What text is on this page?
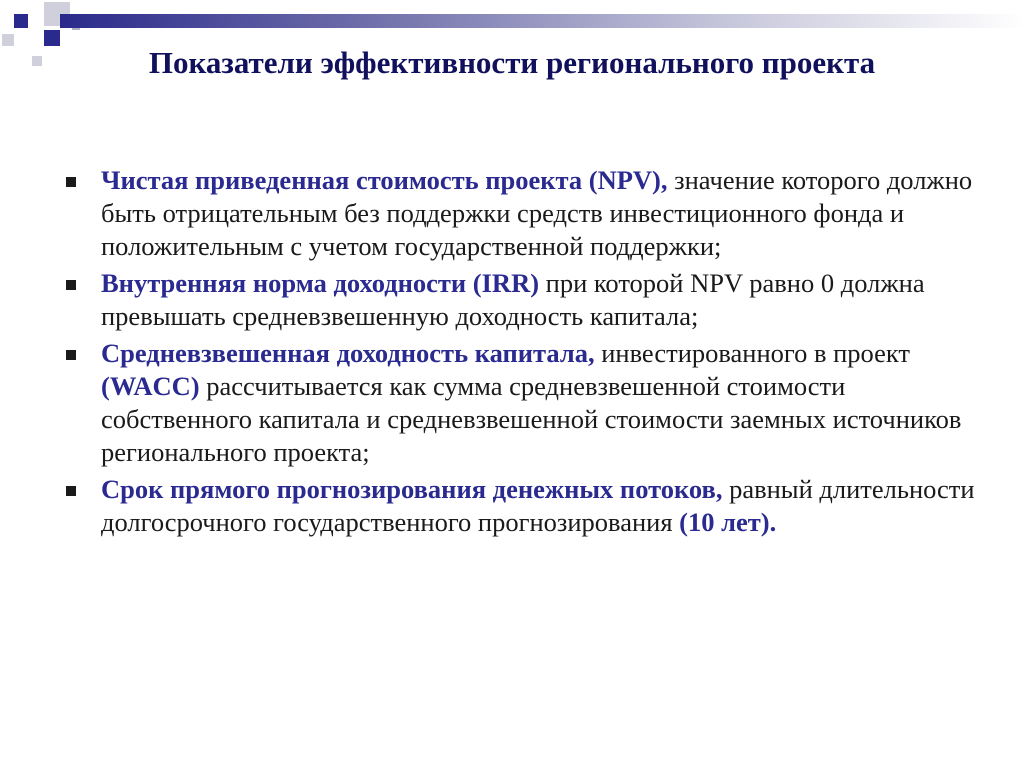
Показатели эффективности регионального проекта
Чистая приведенная стоимость проекта (NPV), значение которого должно быть отрицательным без поддержки средств инвестиционного фонда и положительным с учетом государственной поддержки;
Внутренняя норма доходности (IRR) при которой NPV равно 0 должна превышать средневзвешенную доходность капитала;
Средневзвешенная доходность капитала, инвестированного в проект (WACC) рассчитывается как сумма средневзвешенной стоимости собственного капитала и средневзвешенной стоимости заемных источников регионального проекта;
Срок прямого прогнозирования денежных потоков, равный длительности долгосрочного государственного прогнозирования (10 лет).
